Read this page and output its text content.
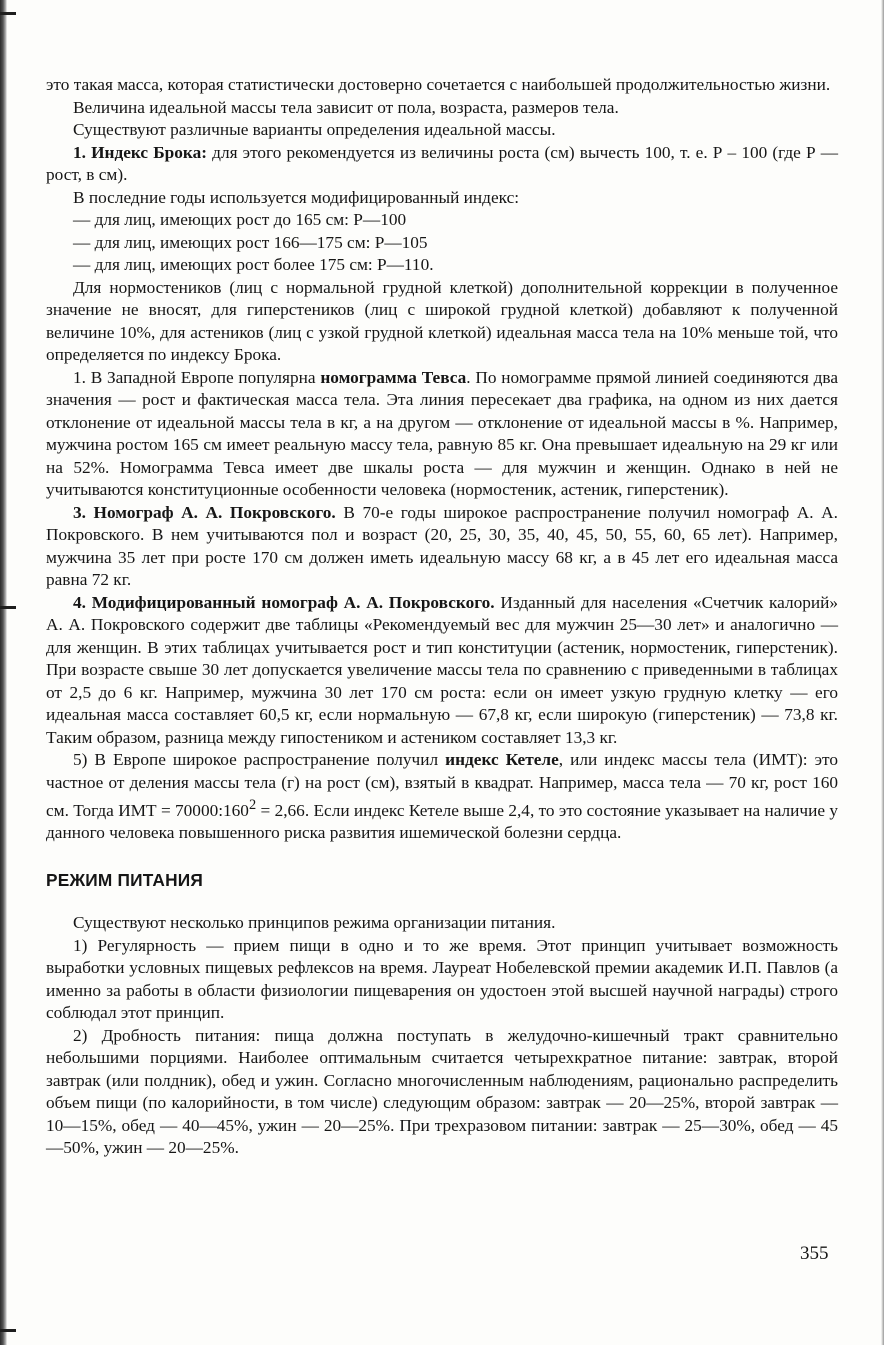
это такая масса, которая статистически достоверно сочетается с наибольшей продолжительностью жизни.

Величина идеальной массы тела зависит от пола, возраста, размеров тела.

Существуют различные варианты определения идеальной массы.

1. Индекс Брока: для этого рекомендуется из величины роста (см) вычесть 100, т. е. Р – 100 (где Р — рост, в см).

В последние годы используется модифицированный индекс:

— для лиц, имеющих рост до 165 см: Р—100

— для лиц, имеющих рост 166—175 см: Р—105

— для лиц, имеющих рост более 175 см: Р—110.

Для нормостеников (лиц с нормальной грудной клеткой) дополнительной коррекции в полученное значение не вносят, для гиперстеников (лиц с широкой грудной клеткой) добавляют к полученной величине 10%, для астеников (лиц с узкой грудной клеткой) идеальная масса тела на 10% меньше той, что определяется по индексу Брока.

1. В Западной Европе популярна номограмма Тевса. По номограмме прямой линией соединяются два значения — рост и фактическая масса тела. Эта линия пересекает два графика, на одном из них дается отклонение от идеальной массы тела в кг, а на другом — отклонение от идеальной массы в %. Например, мужчина ростом 165 см имеет реальную массу тела, равную 85 кг. Она превышает идеальную на 29 кг или на 52%. Номограмма Тевса имеет две шкалы роста — для мужчин и женщин. Однако в ней не учитываются конституционные особенности человека (нормостеник, астеник, гиперстеник).

3. Номограф А. А. Покровского. В 70-е годы широкое распространение получил номограф А. А. Покровского. В нем учитываются пол и возраст (20, 25, 30, 35, 40, 45, 50, 55, 60, 65 лет). Например, мужчина 35 лет при росте 170 см должен иметь идеальную массу 68 кг, а в 45 лет его идеальная масса равна 72 кг.

4. Модифицированный номограф А. А. Покровского. Изданный для населения «Счетчик калорий» А. А. Покровского содержит две таблицы «Рекомендуемый вес для мужчин 25—30 лет» и аналогично — для женщин. В этих таблицах учитывается рост и тип конституции (астеник, нормостеник, гиперстеник). При возрасте свыше 30 лет допускается увеличение массы тела по сравнению с приведенными в таблицах от 2,5 до 6 кг. Например, мужчина 30 лет 170 см роста: если он имеет узкую грудную клетку — его идеальная масса составляет 60,5 кг, если нормальную — 67,8 кг, если широкую (гиперстеник) — 73,8 кг. Таким образом, разница между гипостеником и астеником составляет 13,3 кг.

5) В Европе широкое распространение получил индекс Кетеле, или индекс массы тела (ИМТ): это частное от деления массы тела (г) на рост (см), взятый в квадрат. Например, масса тела — 70 кг, рост 160 см. Тогда ИМТ = $70000:160^2 = 2,66$. Если индекс Кетеле выше 2,4, то это состояние указывает на наличие у данного человека повышенного риска развития ишемической болезни сердца.

РЕЖИМ ПИТАНИЯ

Существуют несколько принципов режима организации питания.

1) Регулярность — прием пищи в одно и то же время. Этот принцип учитывает возможность выработки условных пищевых рефлексов на время. Лауреат Нобелевской премии академик И.П. Павлов (а именно за работы в области физиологии пищеварения он удостоен этой высшей научной награды) строго соблюдал этот принцип.

2) Дробность питания: пища должна поступать в желудочно-кишечный тракт сравнительно небольшими порциями. Наиболее оптимальным считается четырехкратное питание: завтрак, второй завтрак (или полдник), обед и ужин. Согласно многочисленным наблюдениям, рационально распределить объем пищи (по калорийности, в том числе) следующим образом: завтрак — 20—25%, второй завтрак — 10—15%, обед — 40—45%, ужин — 20—25%. При трехразовом питании: завтрак — 25—30%, обед — 45—50%, ужин — 20—25%.

355
